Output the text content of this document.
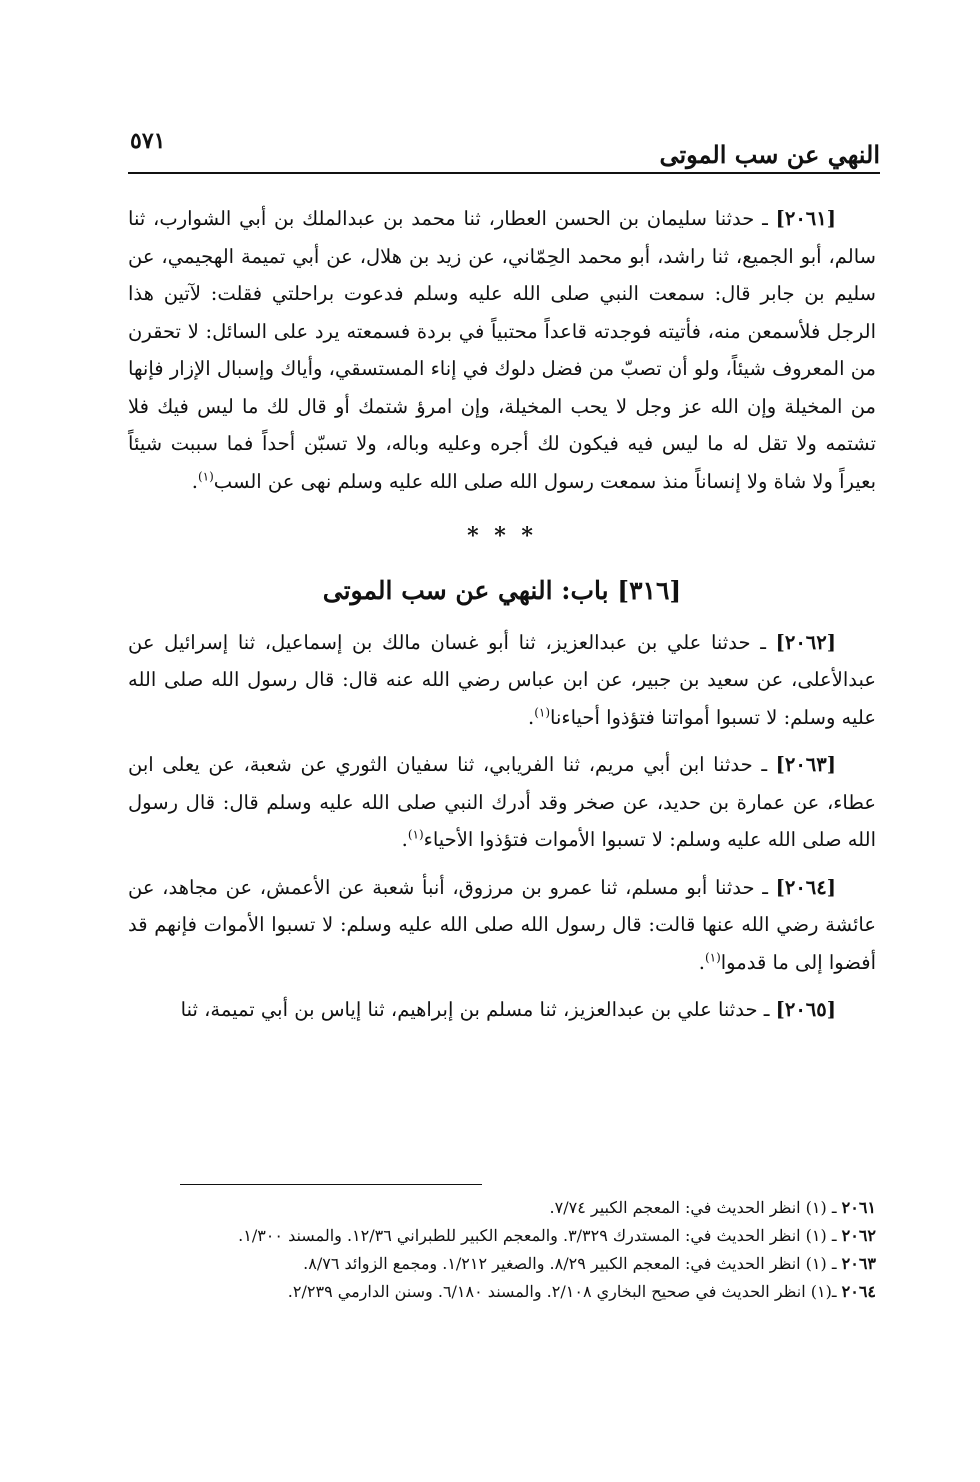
النهي عن سب الموتى
٥٧١

[٢٠٦١] ـ حدثنا سليمان بن الحسن العطار، ثنا محمد بن عبدالملك بن أبي الشوارب، ثنا سالم، أبو الجميع، ثنا راشد، أبو محمد الحِمّاني، عن زيد بن هلال، عن أبي تميمة الهجيمي، عن سليم بن جابر قال: سمعت النبي صلى الله عليه وسلم فدعوت براحلتي فقلت: لآتين هذا الرجل فلأسمعن منه، فأتيته فوجدته قاعداً محتبياً في بردة فسمعته يرد على السائل: لا تحقرن من المعروف شيئاً، ولو أن تصبّ من فضل دلوك في إناء المستسقي، وأياك وإسبال الإزار فإنها من المخيلة وإن الله عز وجل لا يحب المخيلة، وإن امرؤ شتمك أو قال لك ما ليس فيك فلا تشتمه ولا تقل له ما ليس فيه فيكون لك أجره وعليه وباله، ولا تسبّن أحداً فما سببت شيئاً بعيراً ولا شاة ولا إنساناً منذ سمعت رسول الله صلى الله عليه وسلم نهى عن السب$^{(١)}$.

* * *
[٣١٦] باب: النهي عن سب الموتى

[٢٠٦٢] ـ حدثنا علي بن عبدالعزيز، ثنا أبو غسان مالك بن إسماعيل، ثنا إسرائيل عن عبدالأعلى، عن سعيد بن جبير، عن ابن عباس رضي الله عنه قال: قال رسول الله صلى الله عليه وسلم: لا تسبوا أمواتنا فتؤذوا أحياءنا$^{(١)}$.

[٢٠٦٣] ـ حدثنا ابن أبي مريم، ثنا الفريابي، ثنا سفيان الثوري عن شعبة، عن يعلى ابن عطاء، عن عمارة بن حديد، عن صخر وقد أدرك النبي صلى الله عليه وسلم قال: قال رسول الله صلى الله عليه وسلم: لا تسبوا الأموات فتؤذوا الأحياء$^{(١)}$.

[٢٠٦٤] ـ حدثنا أبو مسلم، ثنا عمرو بن مرزوق، أنبأ شعبة عن الأعمش، عن مجاهد، عن عائشة رضي الله عنها قالت: قال رسول الله صلى الله عليه وسلم: لا تسبوا الأموات فإنهم قد أفضوا إلى ما قدموا$^{(١)}$.

[٢٠٦٥] ـ حدثنا علي بن عبدالعزيز، ثنا مسلم بن إبراهيم، ثنا إياس بن أبي تميمة، ثنا

٢٠٦١ ـ (١) انظر الحديث في: المعجم الكبير ٧/٧٤.

٢٠٦٢ ـ (١) انظر الحديث في: المستدرك ٣/٣٢٩. والمعجم الكبير للطبراني ١٢/٣٦. والمسند ١/٣٠٠.

٢٠٦٣ ـ (١) انظر الحديث في: المعجم الكبير ٨/٢٩. والصغير ١/٢١٢. ومجمع الزوائد ٨/٧٦.

٢٠٦٤ ـ(١) انظر الحديث في صحيح البخاري ٢/١٠٨. والمسند ٦/١٨٠. وسنن الدارمي ٢/٢٣٩.
